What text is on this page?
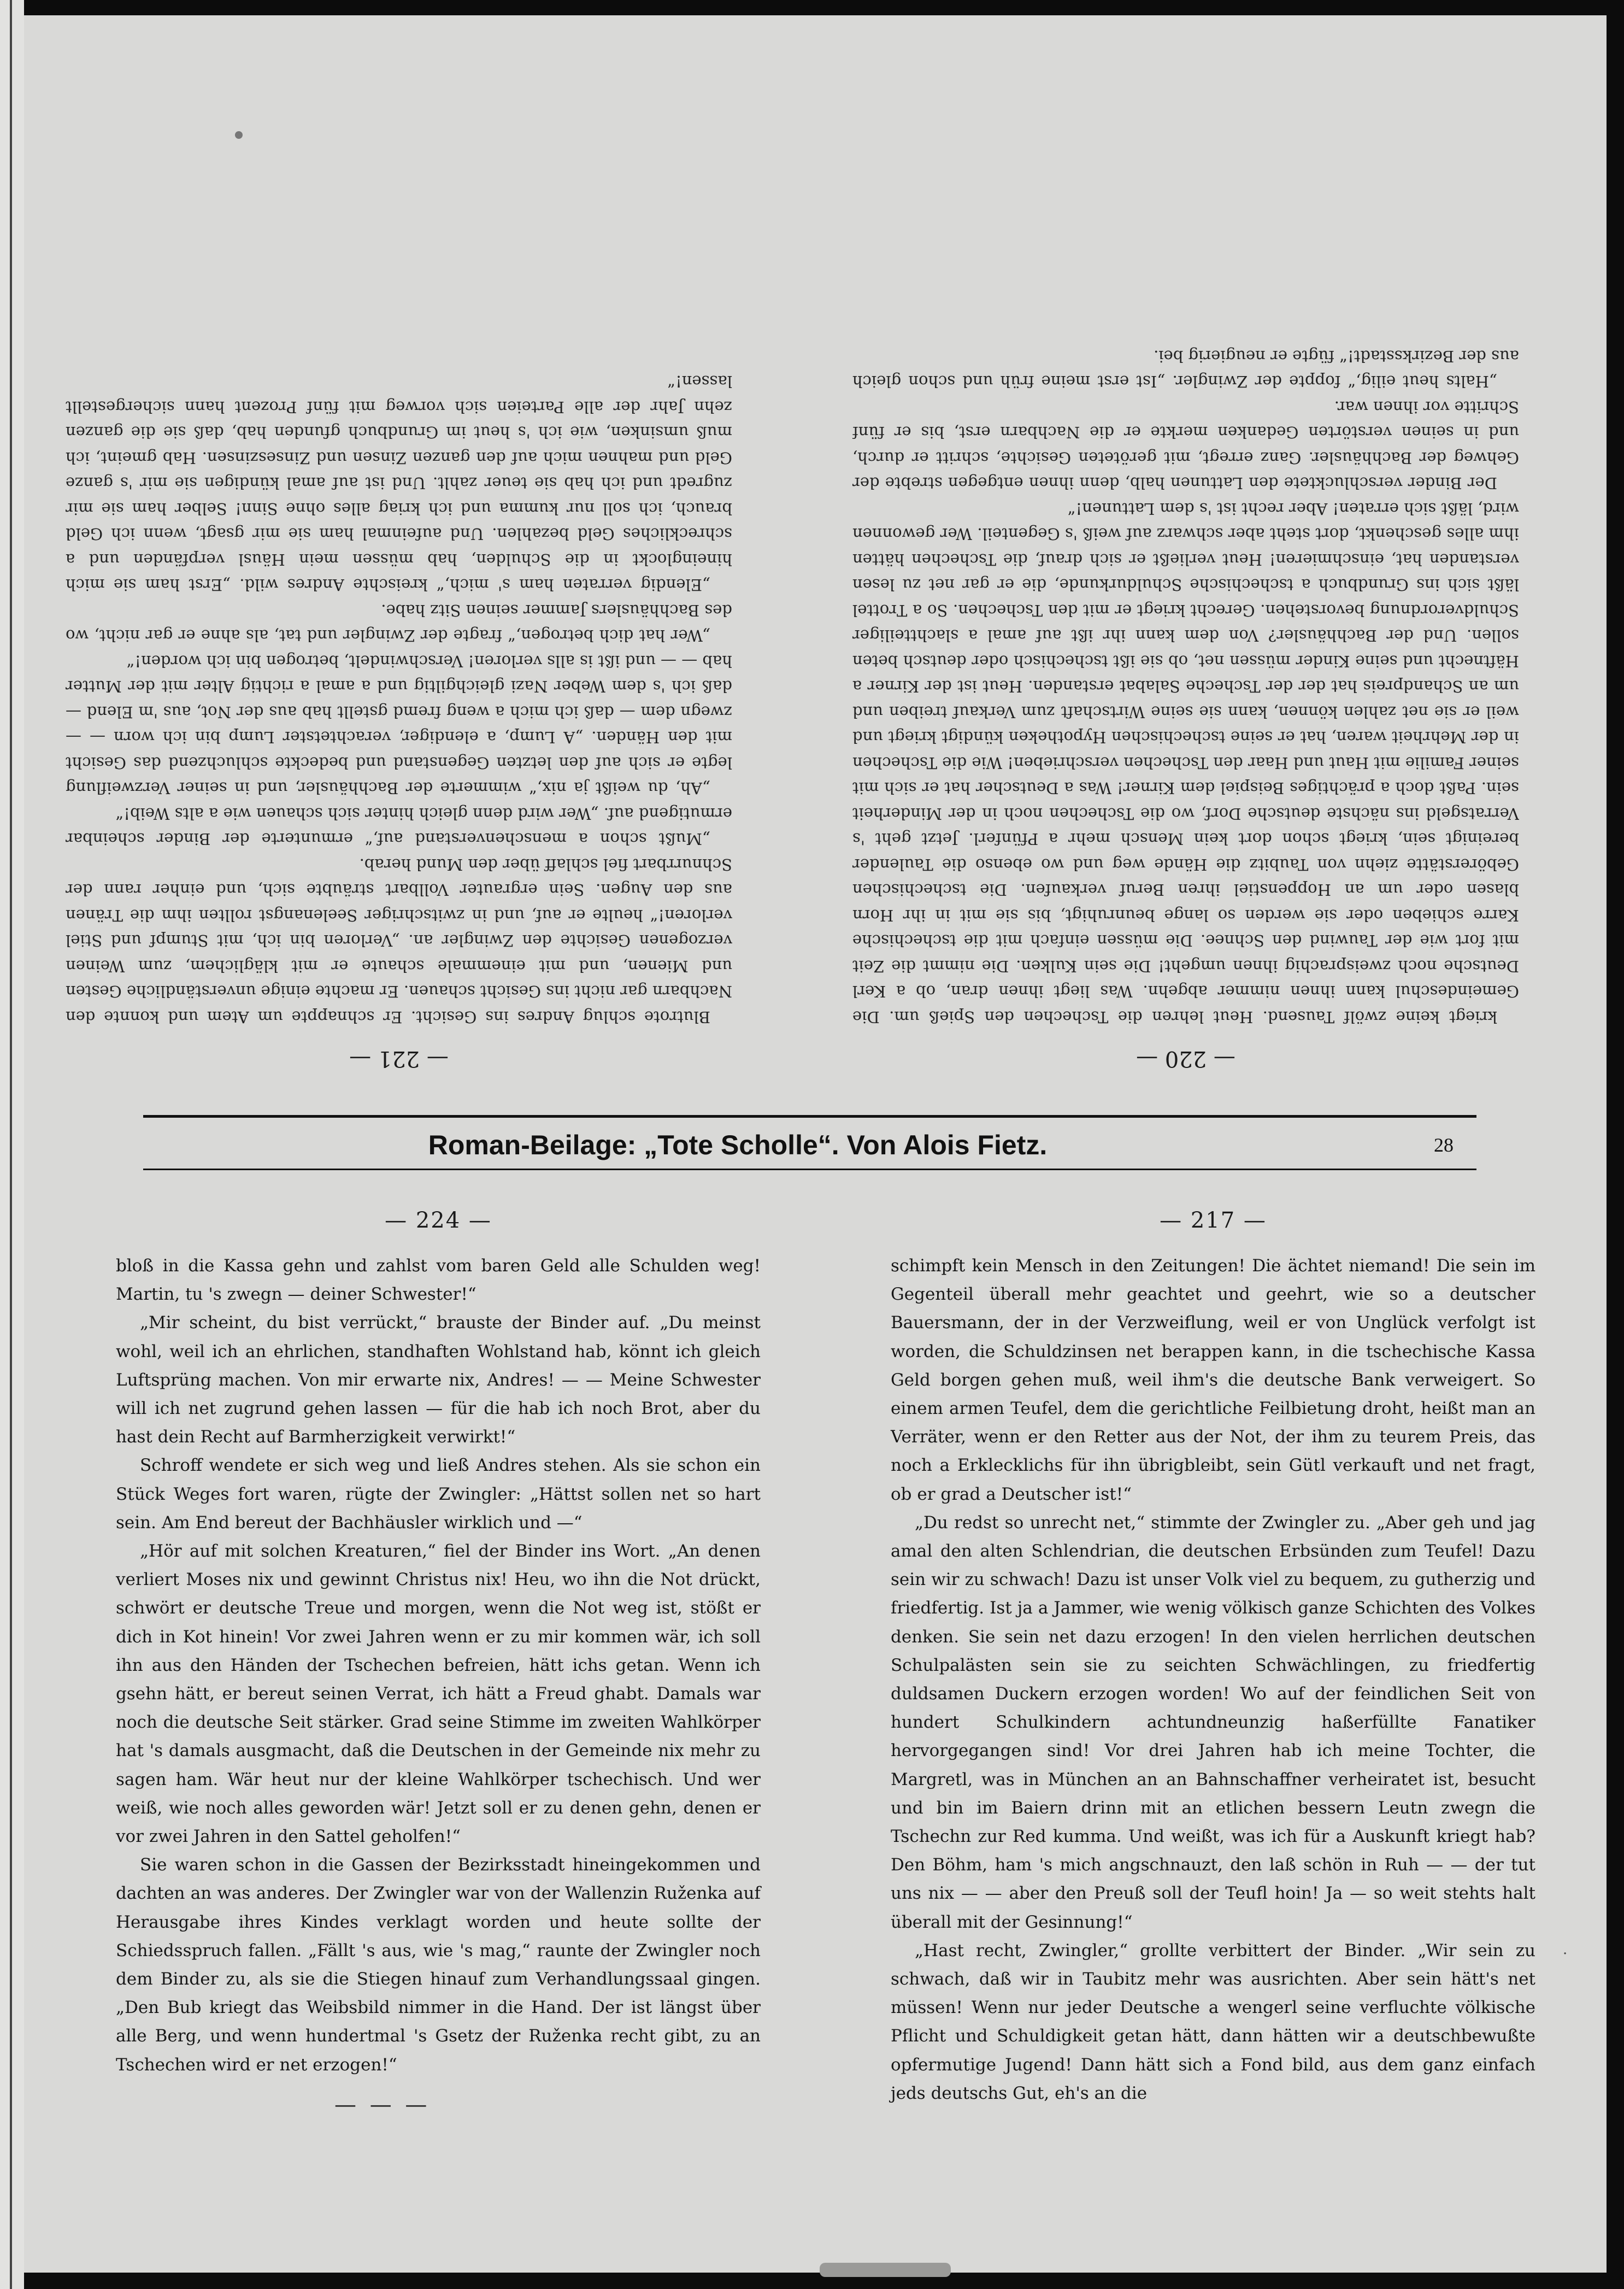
— 220 —

kriegt keine zwölf Tausend. Heut lehren die Tschechen den Spieß um. Die Gemeindeschul kann ihnen nimmer abgehn. Was liegt ihnen dran, ob a Kerl Deutsche noch zweisprachig ihnen umgeht! Die sein Kulken. Die nimmt die Zeit mit fort wie der Tauwind den Schnee. Die müssen einfach mit die tschechische Karre schieben oder sie werden so lange beunruhigt, bis sie mit in ihr Horn blasen oder um an Hoppenstiel ihren Beruf verkaufen. Die tschechischen Gebörerstätte ziehn von Taubitz die Hände weg und wo ebenso die Taulender bereinigt sein, kriegt schon dort kein Mensch mehr a Pfünferl. Jetzt geht 's Verratsgeld ins nächste deutsche Dorf, wo die Tschechen noch in der Minderheit sein. Paßt doch a prächtiges Beispiel dem Kirner! Was a Deutscher hat er sich mit seiner Familie mit Haut und Haar den Tschechen verschrieben! Wie die Tschechen in der Mehrheit waren, hat er seine tschechischen Hypotheken kündigt kriegt und weil er sie net zahlen können, kann sie seine Wirtschaft zum Verkauf treiben und um an Schandpreis hat der der Tscheche Salabat erstanden. Heut ist der Kirner a Häftnecht und seine Kinder müssen net, ob sie ißt tschechisch oder deutsch beten sollen. Und der Bachhäusler? Von dem kann ihr ißt auf amal a slachtteiliger Schuldverordnung bevorstehen. Gerecht kriegt er mit den Tschechen. So a Trottel läßt sich ins Grundbuch a tschechische Schuldurkunde, die er gar net zu lesen verstanden hat, einschmieren! Heut verließt er sich drauf, die Tschechen hätten ihm alles geschenkt, dort steht aber schwarz auf weiß 's Gegenteil. Wer gewonnen wird, läßt sich erraten! Aber recht ist 's dem Lattunen!“

Der Binder verschlucktete den Lattunen halb, denn ihnen entgegen strebte der Gehweg der Bachhäusler. Ganz erregt, mit geröteten Gesichte, schritt er durch, und in seinen verstörten Gedanken merkte er die Nachbarn erst, bis er fünf Schritte vor ihnen war.

„Halts heut eilig,“ foppte der Zwingler. „Ist erst meine früh und schon gleich aus der Bezirksstadt!“ fügte er neugierig bei.

— 221 —

Blutrote schlug Andres ins Gesicht. Er schnappte um Atem und konnte den Nachbarn gar nicht ins Gesicht schauen. Er machte einige unverständliche Gesten und Mienen, und mit einemmale schaute er mit kläglichem, zum Weinen verzogenen Gesichte den Zwingler an. „Verloren bin ich, mit Stumpf und Stiel verloren!“ heulte er auf, und in zwitschriger Seelenangst rollten ihm die Tränen aus den Augen. Sein ergrauter Vollbart sträubte sich, und einher rann der Schnurrbart fiel schlaff über den Mund herab.

„Mußt schon a menschenverstand auf,“ ermunterte der Binder scheinbar ermutigend auf. „Wer wird denn gleich hinter sich schauen wie a alts Weib!“

„Ah, du weißt ja nix,“ wimmerte der Bachhäusler, und in seiner Verzweiflung legte er sich auf den letzten Gegenstand und bedeckte schluchzend das Gesicht mit den Händen. „A Lump, a elendiger, verachtetster Lump bin ich worn — — zwegn dem — daß ich mich a weng fremd gstellt hab aus der Not, aus 'm Elend — daß ich 's dem Weber Nazi gleichgiltig und a amal a richtig Alter mit der Mutter hab — — und ißt is alls verloren! Verschwindelt, betrogen bin ich worden!“

„Wer hat dich betrogen,“ fragte der Zwingler und tat, als ahne er gar nicht, wo des Bachhäuslers Jammer seinen Sitz habe.

„Elendig verraten ham s' mich,“ kreischte Andres wild. „Erst ham sie mich hineinglockt in die Schulden, hab müssen mein Häusl verpfänden und a schreckliches Geld bezahlen. Und aufeinmal ham sie mir gsagt, wenn ich Geld brauch, ich soll nur kumma und ich kriag alles ohne Sinn! Selber ham sie mir zugredt und ich hab sie teuer zahlt. Und ist auf amal kündigen sie mir 's ganze Geld und mahnen mich auf den ganzen Zinsen und Zinseszinsen. Hab gmeint, ich muß umsinken, wie ich 's heut im Grundbuch gfunden hab, daß sie die ganzen zehn Jahr der alle Parteien sich vorweg mit fünf Prozent hann sichergestellt lassen!“

Roman-Beilage: „Tote Scholle“. Von Alois Fietz.	28
— 224 —

bloß in die Kassa gehn und zahlst vom baren Geld alle Schulden weg! Martin, tu 's zwegn — deiner Schwester!“

„Mir scheint, du bist verrückt,“ brauste der Binder auf. „Du meinst wohl, weil ich an ehrlichen, standhaften Wohlstand hab, könnt ich gleich Luftsprüng machen. Von mir erwarte nix, Andres! — — Meine Schwester will ich net zugrund gehen lassen — für die hab ich noch Brot, aber du hast dein Recht auf Barmherzigkeit verwirkt!“

Schroff wendete er sich weg und ließ Andres stehen. Als sie schon ein Stück Weges fort waren, rügte der Zwingler: „Hättst sollen net so hart sein. Am End bereut der Bachhäusler wirklich und —“

„Hör auf mit solchen Kreaturen,“ fiel der Binder ins Wort. „An denen verliert Moses nix und gewinnt Christus nix! Heu, wo ihn die Not drückt, schwört er deutsche Treue und morgen, wenn die Not weg ist, stößt er dich in Kot hinein! Vor zwei Jahren wenn er zu mir kommen wär, ich soll ihn aus den Händen der Tschechen befreien, hätt ichs getan. Wenn ich gsehn hätt, er bereut seinen Verrat, ich hätt a Freud ghabt. Damals war noch die deutsche Seit stärker. Grad seine Stimme im zweiten Wahlkörper hat 's damals ausgmacht, daß die Deutschen in der Gemeinde nix mehr zu sagen ham. Wär heut nur der kleine Wahlkörper tschechisch. Und wer weiß, wie noch alles geworden wär! Jetzt soll er zu denen gehn, denen er vor zwei Jahren in den Sattel geholfen!“

Sie waren schon in die Gassen der Bezirksstadt hineingekommen und dachten an was anderes. Der Zwingler war von der Wallenzin Ruženka auf Herausgabe ihres Kindes verklagt worden und heute sollte der Schiedsspruch fallen. „Fällt 's aus, wie 's mag,“ raunte der Zwingler noch dem Binder zu, als sie die Stiegen hinauf zum Verhandlungssaal gingen. „Den Bub kriegt das Weibsbild nimmer in die Hand. Der ist längst über alle Berg, und wenn hundertmal 's Gsetz der Ruženka recht gibt, zu an Tschechen wird er net erzogen!“

— — —
— 217 —

schimpft kein Mensch in den Zeitungen! Die ächtet niemand! Die sein im Gegenteil überall mehr geachtet und geehrt, wie so a deutscher Bauersmann, der in der Verzweiflung, weil er von Unglück verfolgt ist worden, die Schuldzinsen net berappen kann, in die tschechische Kassa Geld borgen gehen muß, weil ihm's die deutsche Bank verweigert. So einem armen Teufel, dem die gerichtliche Feilbietung droht, heißt man an Verräter, wenn er den Retter aus der Not, der ihm zu teurem Preis, das noch a Erklecklichs für ihn übrigbleibt, sein Gütl verkauft und net fragt, ob er grad a Deutscher ist!“

„Du redst so unrecht net,“ stimmte der Zwingler zu. „Aber geh und jag amal den alten Schlendrian, die deutschen Erbsünden zum Teufel! Dazu sein wir zu schwach! Dazu ist unser Volk viel zu bequem, zu gutherzig und friedfertig. Ist ja a Jammer, wie wenig völkisch ganze Schichten des Volkes denken. Sie sein net dazu erzogen! In den vielen herrlichen deutschen Schulpalästen sein sie zu seichten Schwächlingen, zu friedfertig duldsamen Duckern erzogen worden! Wo auf der feindlichen Seit von hundert Schulkindern achtundneunzig haßerfüllte Fanatiker hervorgegangen sind! Vor drei Jahren hab ich meine Tochter, die Margretl, was in München an an Bahnschaffner verheiratet ist, besucht und bin im Baiern drinn mit an etlichen bessern Leutn zwegn die Tschechn zur Red kumma. Und weißt, was ich für a Auskunft kriegt hab? Den Böhm, ham 's mich angschnauzt, den laß schön in Ruh — — der tut uns nix — — aber den Preuß soll der Teufl hoin! Ja — so weit stehts halt überall mit der Gesinnung!“

„Hast recht, Zwingler,“ grollte verbittert der Binder. „Wir sein zu schwach, daß wir in Taubitz mehr was ausrichten. Aber sein hätt's net müssen! Wenn nur jeder Deutsche a wengerl seine verfluchte völkische Pflicht und Schuldigkeit getan hätt, dann hätten wir a deutschbewußte opfermutige Jugend! Dann hätt sich a Fond bild, aus dem ganz einfach jeds deutschs Gut, eh's an die

·
